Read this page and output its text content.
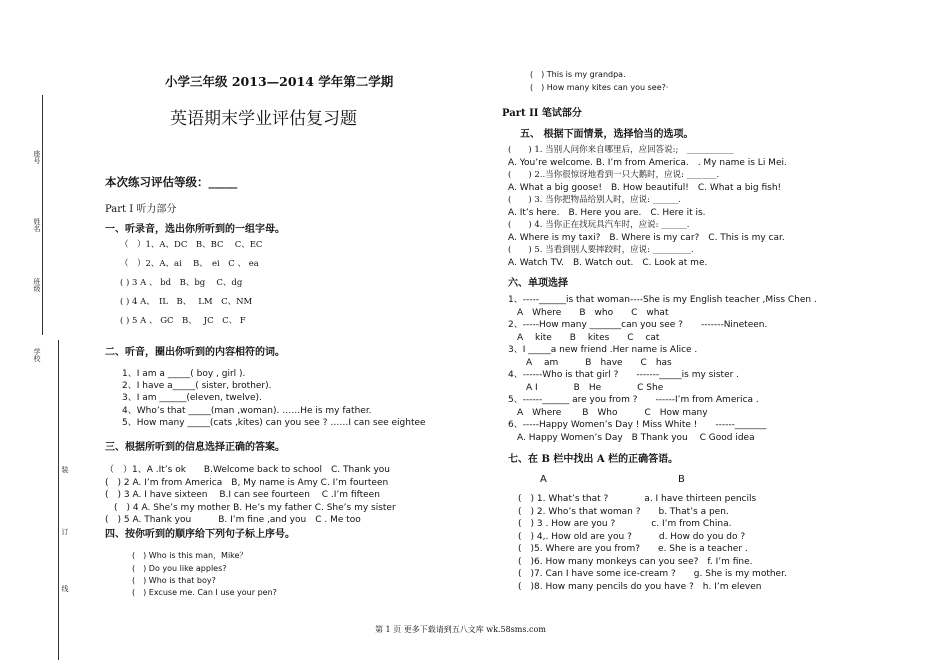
座号
姓名
班级
学校
装
订
线
小学三年级 2013—2014 学年第二学期
英语期末学业评估复习题
本次练习评估等级：_____
Part I 听力部分
一、听录音，选出你所听到的一组字母。
（　）1、A、DC　B、BC　 C、EC
（　）2、A、ai　 B、　ei　C 、 ea
( ) 3 A 、 bd　B、bg　 C、dg
( ) 4 A、　IL　B、　 LM　C、NM
( ) 5 A 、 GC　B、　 JC　C、 F
二、听音，圈出你听到的内容相符的词。
1、I am a _____( boy , girl ).
2、I have a_____( sister, brother).
3、I am ______(eleven, twelve).
4、Who’s that _____(man ,woman). ……He is my father.
5、How many _____(cats ,kites) can you see ? ……I can see eightee
三、根据所听到的信息选择正确的答案。
（　）1、A .It’s ok　　B.Welcome back to school　C. Thank you
(　) 2 A. I’m from America　B, My name is Amy C. I’m fourteen
(　) 3 A. I have sixteen　 B.I can see fourteen　 C .I’m fifteen
　(　) 4 A. She’s my mother B. He’s my father C. She’s my sister
(　) 5 A. Thank you　　　B. I’m fine ,and you　C . Me too
四、按你听到的顺序给下列句子标上序号。
(　) Who is this man，Mike？
(　) Do you like apples?
(　) Who is that boy?
(　) Excuse me. Can I use your pen?
(　) This is my grandpa.
(　) How many kites can you see?·
Part II 笔试部分
五、 根据下面情景，选择恰当的选项。
(　　) 1. 当别人问你来自哪里后，应回答说:;　___________
A. You’re welcome. B. I’m from America.　. My name is Li Mei.
(　　) 2..当你很惊讶地看到一只大鹅时，应说: _______.
A. What a big goose!　B. How beautiful!　C. What a big fish!
(　　) 3. 当你把物品给别人时，应说: ______.
A. It’s here.　B. Here you are.　C. Here it is.
(　　) 4. 当你正在找玩具汽车时，应说: ______.
A. Where is my taxi?　B. Where is my car?　C. This is my car.
(　　) 5. 当看到别人要摔跤时，应说: _________.
A. Watch TV.　B. Watch out.　C. Look at me.
六、单项选择
1、-----______is that woman----She is my English teacher ,Miss Chen .
　A　Where　　B　who　　C　what
2、-----How many _______can you see ?　　-------Nineteen.
　A　 kite　　B　 kites　　C　 cat
3、I _____a new friend .Her name is Alice .
　　A　 am　　　B　have　　C　has
4、------Who is that girl ?　　-------_____is my sister .
　　A I　　　　B　He　　　　C She
5、------______ are you from ?　　------I’m from America .
　A　Where　　 B　Who　　　C　How many
6、-----Happy Women’s Day ! Miss White !　　------_______
　A. Happy Women’s Day　B Thank you　 C Good idea
七、在 B 栏中找出 A 栏的正确答语。
A	B
(　) 1. What’s that ?　　　　a. I have thirteen pencils
(　) 2. Who’s that woman ?　　b. That’s a pen.
(　) 3 . How are you ?　　　　c. I’m from China.
(　) 4,. How old are you ?　　　d. How do you do ?
(　)5. Where are you from?　　e. She is a teacher .
(　)6. How many monkeys can you see?　f. I’m fine.
(　)7. Can I have some ice-cream ?　　g. She is my mother.
(　)8. How many pencils do you have ?　h. I’m eleven
第 1 页 更多下载请到五八文库 wk.58sms.com
